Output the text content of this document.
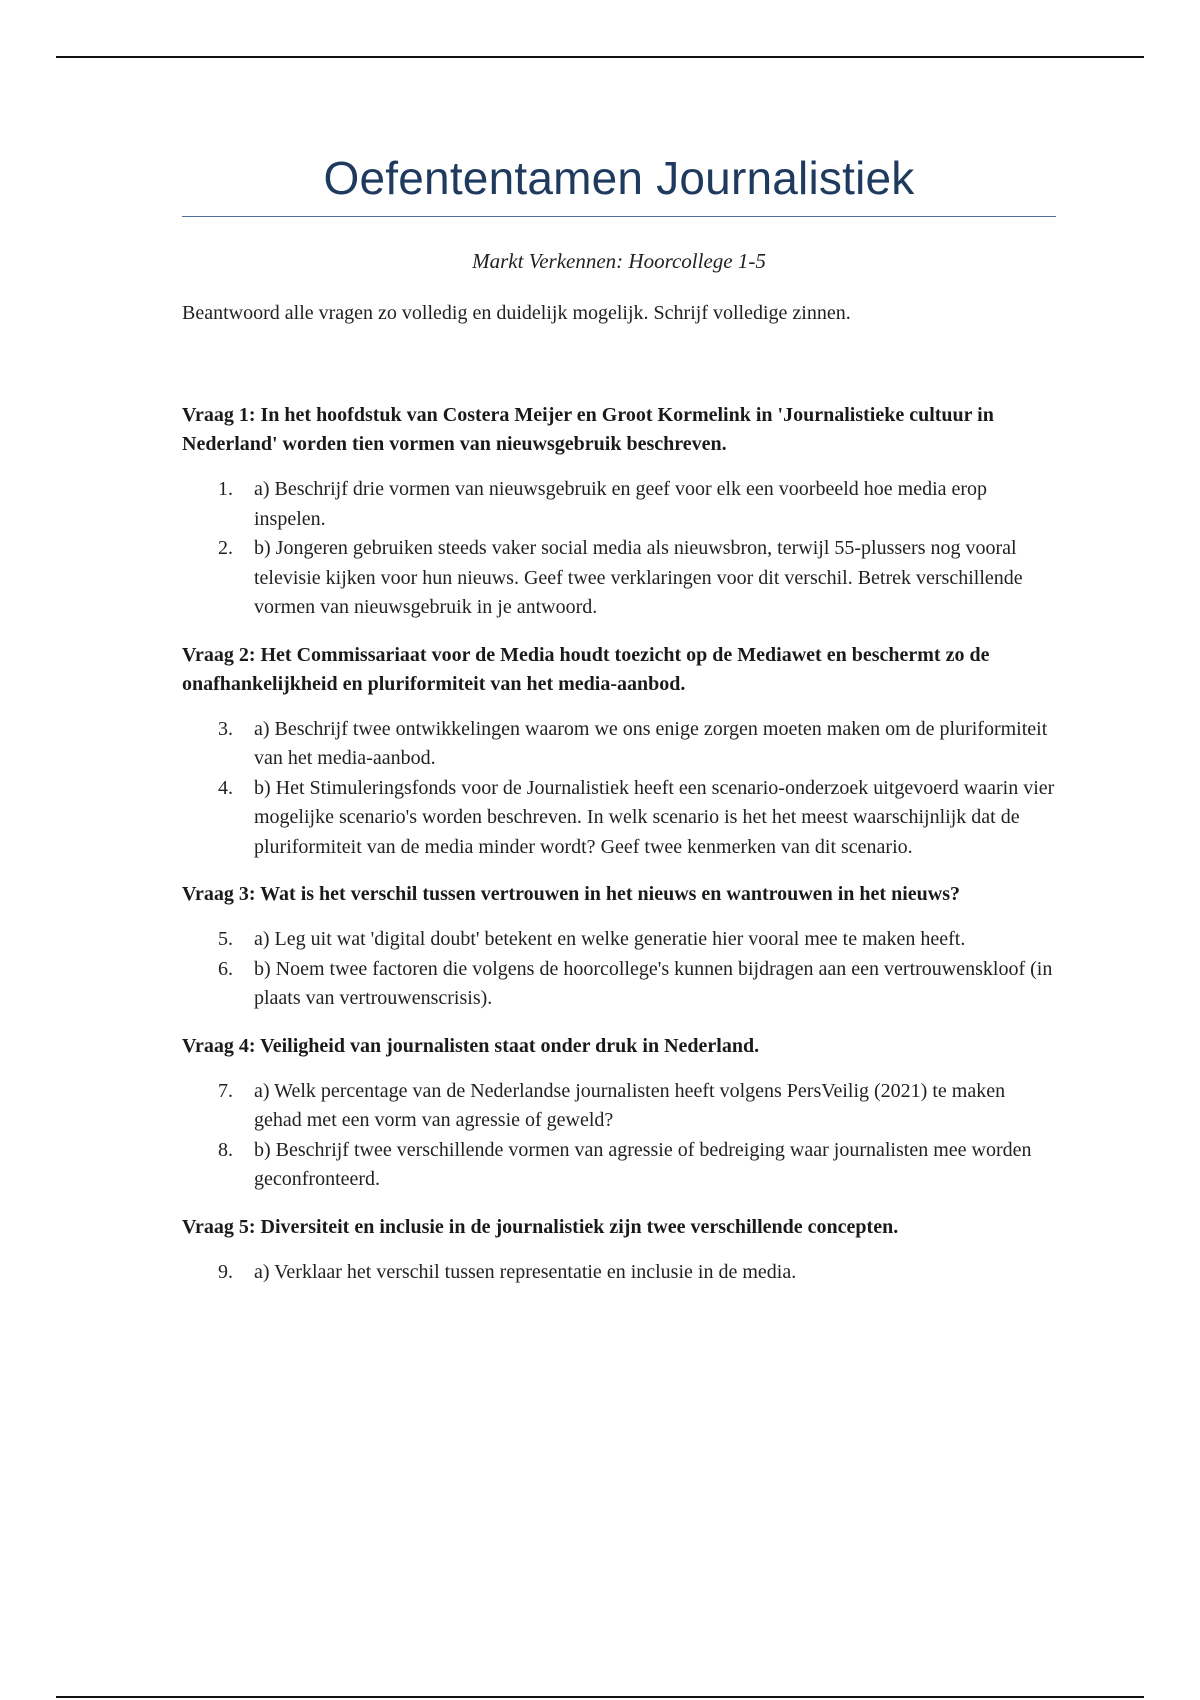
Oefententamen Journalistiek

Markt Verkennen: Hoorcollege 1-5

Beantwoord alle vragen zo volledig en duidelijk mogelijk. Schrijf volledige zinnen.

Vraag 1: In het hoofdstuk van Costera Meijer en Groot Kormelink in 'Journalistieke cultuur in Nederland' worden tien vormen van nieuwsgebruik beschreven.

1. a) Beschrijf drie vormen van nieuwsgebruik en geef voor elk een voorbeeld hoe media erop inspelen.
2. b) Jongeren gebruiken steeds vaker social media als nieuwsbron, terwijl 55-plussers nog vooral televisie kijken voor hun nieuws. Geef twee verklaringen voor dit verschil. Betrek verschillende vormen van nieuwsgebruik in je antwoord.

Vraag 2: Het Commissariaat voor de Media houdt toezicht op de Mediawet en beschermt zo de onafhankelijkheid en pluriformiteit van het media-aanbod.

3. a) Beschrijf twee ontwikkelingen waarom we ons enige zorgen moeten maken om de pluriformiteit van het media-aanbod.
4. b) Het Stimuleringsfonds voor de Journalistiek heeft een scenario-onderzoek uitgevoerd waarin vier mogelijke scenario's worden beschreven. In welk scenario is het het meest waarschijnlijk dat de pluriformiteit van de media minder wordt? Geef twee kenmerken van dit scenario.

Vraag 3: Wat is het verschil tussen vertrouwen in het nieuws en wantrouwen in het nieuws?

5. a) Leg uit wat 'digital doubt' betekent en welke generatie hier vooral mee te maken heeft.
6. b) Noem twee factoren die volgens de hoorcollege's kunnen bijdragen aan een vertrouwenskloof (in plaats van vertrouwenscrisis).

Vraag 4: Veiligheid van journalisten staat onder druk in Nederland.

7. a) Welk percentage van de Nederlandse journalisten heeft volgens PersVeilig (2021) te maken gehad met een vorm van agressie of geweld?
8. b) Beschrijf twee verschillende vormen van agressie of bedreiging waar journalisten mee worden geconfronteerd.

Vraag 5: Diversiteit en inclusie in de journalistiek zijn twee verschillende concepten.

9. a) Verklaar het verschil tussen representatie en inclusie in de media.
